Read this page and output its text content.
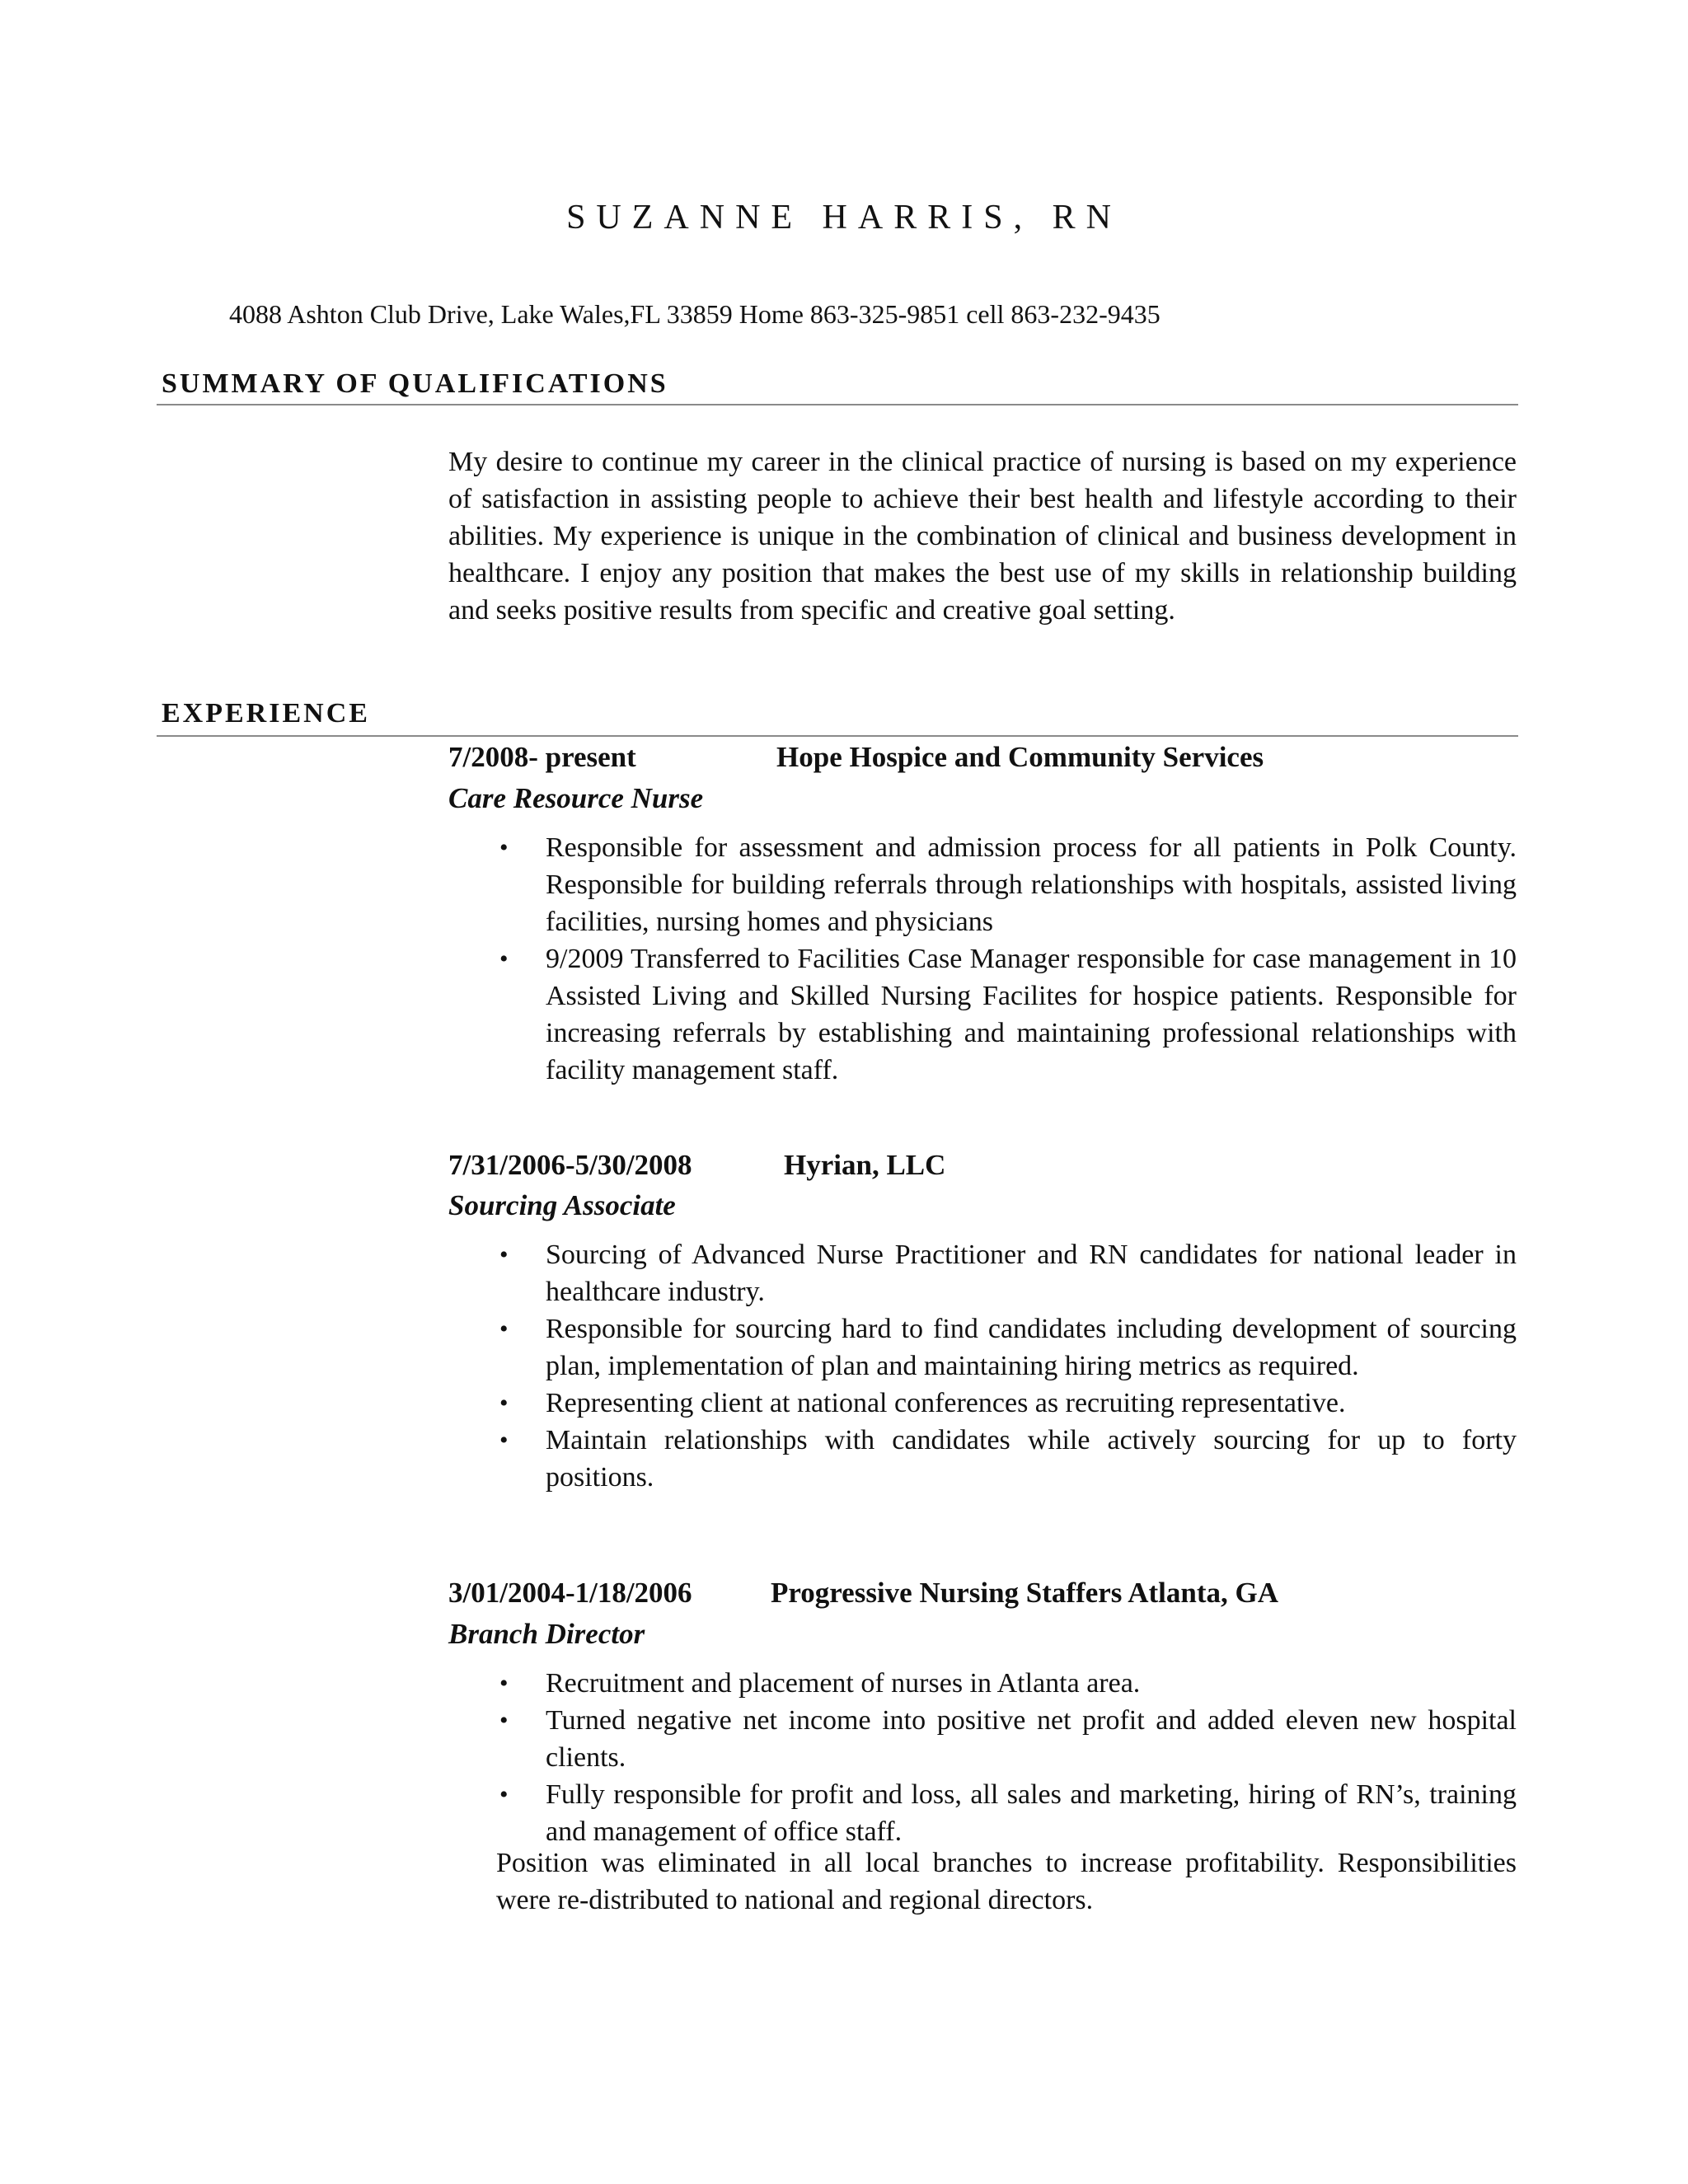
SUZANNE HARRIS, RN
4088 Ashton Club Drive, Lake Wales,FL 33859 Home 863-325-9851 cell 863-232-9435
SUMMARY OF QUALIFICATIONS

My desire to continue my career in the clinical practice of nursing is based on my experience of satisfaction in assisting people to achieve their best health and lifestyle according to their abilities. My experience is unique in the combination of clinical and business development in healthcare. I enjoy any position that makes the best use of my skills in relationship building and seeks positive results from specific and creative goal setting.

EXPERIENCE
7/2008- present	Hope Hospice and Community Services
Care Resource Nurse
• Responsible for assessment and admission process for all patients in Polk County. Responsible for building referrals through relationships with hospitals, assisted living facilities, nursing homes and physicians
• 9/2009 Transferred to Facilities Case Manager responsible for case management in 10 Assisted Living and Skilled Nursing Facilites for hospice patients. Responsible for increasing referrals by establishing and maintaining professional relationships with facility management staff.
7/31/2006-5/30/2008	Hyrian, LLC
Sourcing Associate
• Sourcing of Advanced Nurse Practitioner and RN candidates for national leader in healthcare industry.
• Responsible for sourcing hard to find candidates including development of sourcing plan, implementation of plan and maintaining hiring metrics as required.
• Representing client at national conferences as recruiting representative.
• Maintain relationships with candidates while actively sourcing for up to forty positions.
3/01/2004-1/18/2006	Progressive Nursing Staffers Atlanta, GA
Branch Director
• Recruitment and placement of nurses in Atlanta area.
• Turned negative net income into positive net profit and added eleven new hospital clients.
• Fully responsible for profit and loss, all sales and marketing, hiring of RN’s, training and management of office staff.

Position was eliminated in all local branches to increase profitability. Responsibilities were re-distributed to national and regional directors.
